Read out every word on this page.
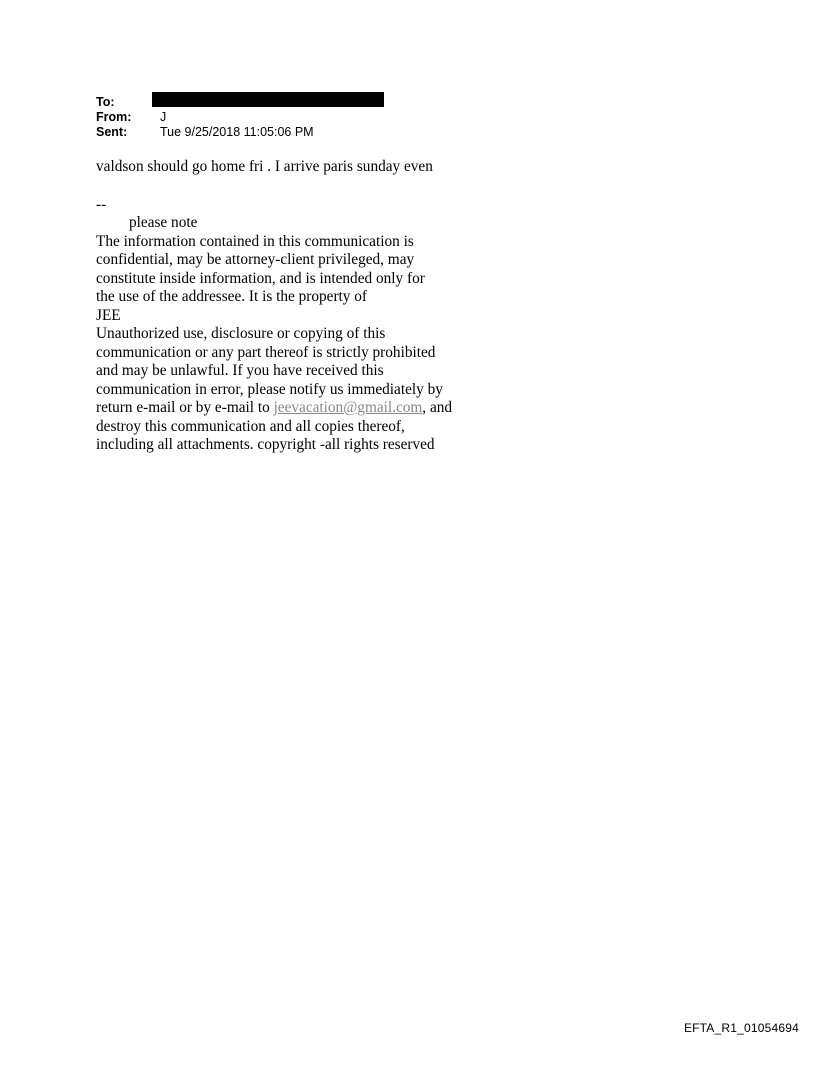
To:
From: J
Sent:	Tue 9/25/2018 11:05:06 PM

valdson should go home fri . I arrive paris sunday even

--

please note

The information contained in this communication is

confidential, may be attorney-client privileged, may

constitute inside information, and is intended only for

the use of the addressee. It is the property of

JEE

Unauthorized use, disclosure or copying of this

communication or any part thereof is strictly prohibited

and may be unlawful. If you have received this

communication in error, please notify us immediately by

return e-mail or by e-mail to jeevacation@gmail.com, and

destroy this communication and all copies thereof,

including all attachments. copyright -all rights reserved

EFTA_R1_01054694
